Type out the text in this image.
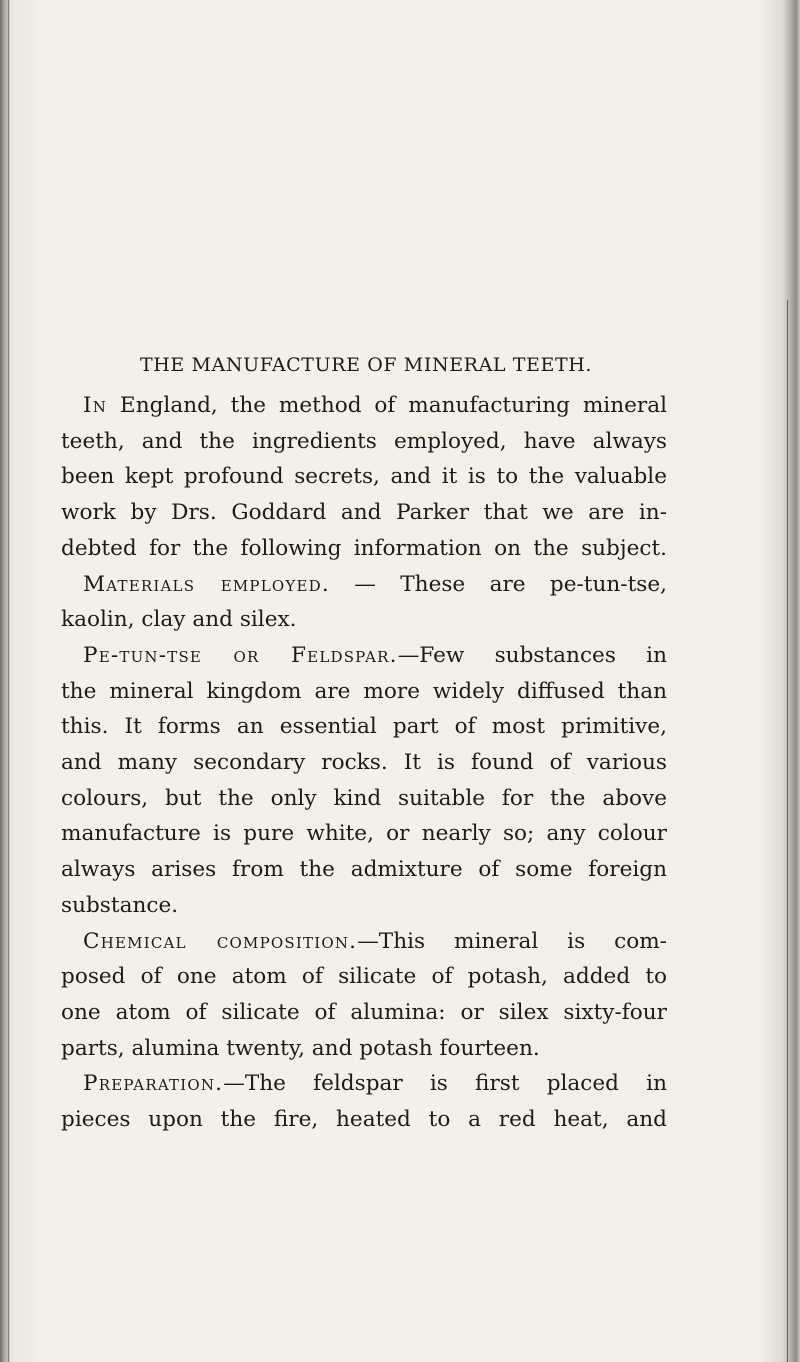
THE MANUFACTURE OF MINERAL TEETH.
In England, the method of manufacturing mineral
teeth, and the ingredients employed, have always
been kept profound secrets, and it is to the valuable
work by Drs. Goddard and Parker that we are in-
debted for the following information on the subject.
Materials employed. — These are pe-tun-tse,
kaolin, clay and silex.
Pe-tun-tse or Feldspar.—Few substances in
the mineral kingdom are more widely diffused than
this. It forms an essential part of most primitive,
and many secondary rocks. It is found of various
colours, but the only kind suitable for the above
manufacture is pure white, or nearly so; any colour
always arises from the admixture of some foreign
substance.
Chemical composition.—This mineral is com-
posed of one atom of silicate of potash, added to
one atom of silicate of alumina: or silex sixty-four
parts, alumina twenty, and potash fourteen.
Preparation.—The feldspar is first placed in
pieces upon the fire, heated to a red heat, and
